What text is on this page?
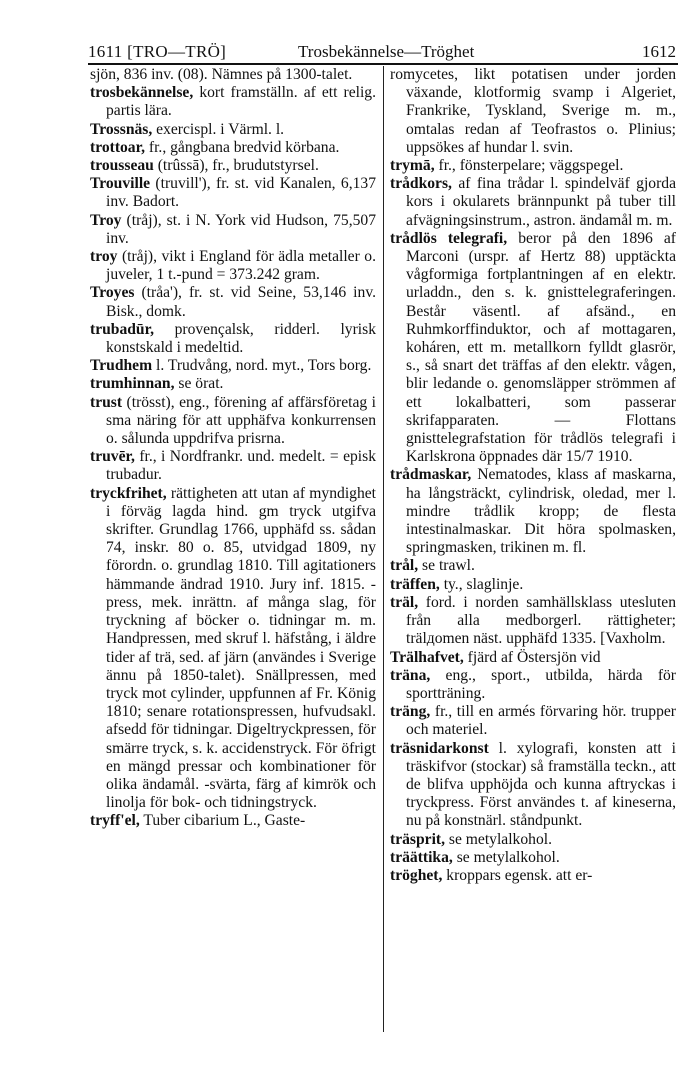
1611 [TRO—TRÖ]	Trosbekännelse—Tröghet	1612

sjön, 836 inv. (08). Nämnes på 1300-talet.

trosbekännelse, kort framställn. af ett relig. partis lära.

Trossnäs, exercispl. i Värml. l.

trottoar, fr., gångbana bredvid körbana.

trousseau (trûssā), fr., brudutstyrsel.

Trouville (truvill'), fr. st. vid Kanalen, 6,137 inv. Badort.

Troy (tråj), st. i N. York vid Hudson, 75,507 inv.

troy (tråj), vikt i England för ädla metaller o. juveler, 1 t.-pund = 373.242 gram.

Troyes (tråa'), fr. st. vid Seine, 53,146 inv. Bisk., domk.

trubadūr, provençalsk, ridderl. lyrisk konstskald i medeltid.

Trudhem l. Trudvång, nord. myt., Tors borg.

trumhinnan, se örat.

trust (trösst), eng., förening af affärsföretag i sma näring för att upphäfva konkurrensen o. sålunda uppdrifva prisrna.

truvēr, fr., i Nordfrankr. und. medelt. = episk trubadur.

tryckfrihet, rättigheten att utan af myndighet i förväg lagda hind. gm tryck utgifva skrifter. Grundlag 1766, upphäfd ss. sådan 74, inskr. 80 o. 85, utvidgad 1809, ny förordn. o. grundlag 1810. Till agitationers hämmande ändrad 1910. Jury inf. 1815. -press, mek. inrättn. af många slag, för tryckning af böcker o. tidningar m. m. Handpressen, med skruf l. häfstång, i äldre tider af trä, sed. af järn (användes i Sverige ännu på 1850-talet). Snällpressen, med tryck mot cylinder, uppfunnen af Fr. König 1810; senare rotationspressen, hufvudsakl. afsedd för tidningar. Digeltryckpressen, för smärre tryck, s. k. accidenstryck. För öfrigt en mängd pressar och kombinationer för olika ändamål. -svärta, färg af kimrök och linolja för bok- och tidningstryck.

tryff'el, Tuber cibarium L., Gaste-

romycetes, likt potatisen under jorden växande, klotformig svamp i Algeriet, Frankrike, Tyskland, Sverige m. m., omtalas redan af Teofrastos o. Plinius; uppsökes af hundar l. svin.

trymā, fr., fönsterpelare; väggspegel.

trådkors, af fina trådar l. spindelväf gjorda kors i okularets brännpunkt på tuber till afvägningsinstrum., astron. ändamål m. m.

trådlös telegrafi, beror på den 1896 af Marconi (urspr. af Hertz 88) upptäckta vågformiga fortplantningen af en elektr. urladdn., den s. k. gnisttelegraferingen. Består väsentl. af afsänd., en Ruhmkorffinduktor, och af mottagaren, koháren, ett m. metallkorn fylldt glasrör, s., så snart det träffas af den elektr. vågen, blir ledande o. genomsläpper strömmen af ett lokalbatteri, som passerar skrifapparaten. — Flottans gnisttelegrafstation för trådlös telegrafi i Karlskrona öppnades där 15/7 1910.

trådmaskar, Nematodes, klass af maskarna, ha långsträckt, cylindrisk, oledad, mer l. mindre trådlik kropp; de flesta intestinalmaskar. Dit höra spolmasken, springmasken, trikinen m. fl.

trål, se trawl.

träffen, ty., slaglinje.

träl, ford. i norden samhällsklass utesluten från alla medborgerl. rättigheter; trälдomen näst. upphäfd 1335. [Vaxholm.

Trälhafvet, fjärd af Östersjön vid

träna, eng., sport., utbilda, härda för sportträning.

träng, fr., till en armés förvaring hör. trupper och materiel.

träsnidarkonst l. xylografi, konsten att i träskifvor (stockar) så framställa teckn., att de blifva upphöjda och kunna aftryckas i tryckpress. Först användes t. af kineserna, nu på konstnärl. ståndpunkt.

träsprit, se metylalkohol.

träättika, se metylalkohol.

tröghet, kroppars egensk. att er-
